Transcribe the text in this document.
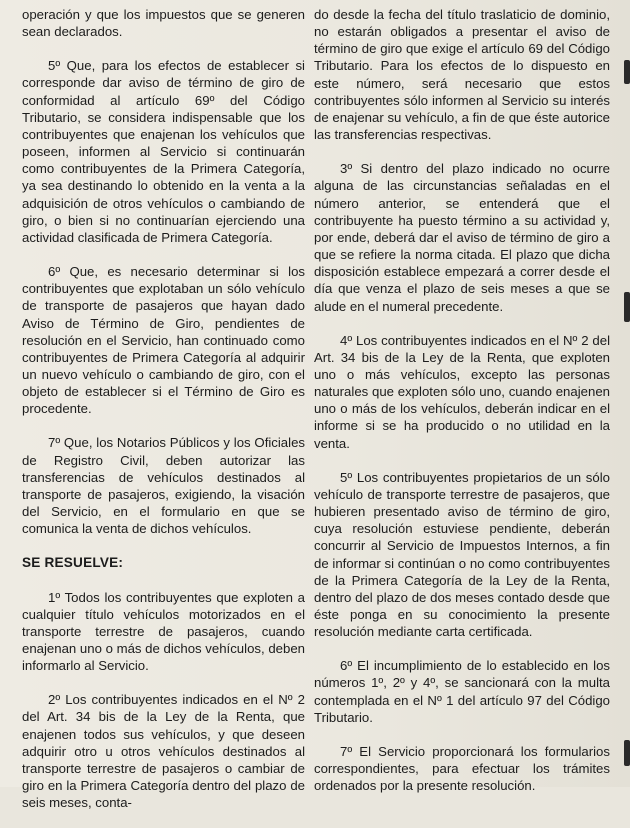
operación y que los impuestos que se generen sean declarados.

5º Que, para los efectos de establecer si corresponde dar aviso de término de giro de conformidad al artículo 69º del Código Tributario, se considera indispensable que los contribuyentes que enajenan los vehículos que poseen, informen al Servicio si continuarán como contribuyentes de la Primera Categoría, ya sea destinando lo obtenido en la venta a la adquisición de otros vehículos o cambiando de giro, o bien si no continuarían ejerciendo una actividad clasificada de Primera Categoría.

6º Que, es necesario determinar si los contribuyentes que explotaban un sólo vehículo de transporte de pasajeros que hayan dado Aviso de Término de Giro, pendientes de resolución en el Servicio, han continuado como contribuyentes de Primera Categoría al adquirir un nuevo vehículo o cambiando de giro, con el objeto de establecer si el Término de Giro es procedente.

7º Que, los Notarios Públicos y los Oficiales de Registro Civil, deben autorizar las transferencias de vehículos destinados al transporte de pasajeros, exigiendo, la visación del Servicio, en el formulario en que se comunica la venta de dichos vehículos.

SE RESUELVE:

1º Todos los contribuyentes que exploten a cualquier título vehículos motorizados en el transporte terrestre de pasajeros, cuando enajenan uno o más de dichos vehículos, deben informarlo al Servicio.

2º Los contribuyentes indicados en el Nº 2 del Art. 34 bis de la Ley de la Renta, que enajenen todos sus vehículos, y que deseen adquirir otro u otros vehículos destinados al transporte terrestre de pasajeros o cambiar de giro en la Primera Categoría dentro del plazo de seis meses, conta-

do desde la fecha del título traslaticio de dominio, no estarán obligados a presentar el aviso de término de giro que exige el artículo 69 del Código Tributario. Para los efectos de lo dispuesto en este número, será necesario que estos contribuyentes sólo informen al Servicio su interés de enajenar su vehículo, a fin de que éste autorice las transferencias respectivas.

3º Si dentro del plazo indicado no ocurre alguna de las circunstancias señaladas en el número anterior, se entenderá que el contribuyente ha puesto término a su actividad y, por ende, deberá dar el aviso de término de giro a que se refiere la norma citada. El plazo que dicha disposición establece empezará a correr desde el día que venza el plazo de seis meses a que se alude en el numeral precedente.

4º Los contribuyentes indicados en el Nº 2 del Art. 34 bis de la Ley de la Renta, que exploten uno o más vehículos, excepto las personas naturales que exploten sólo uno, cuando enajenen uno o más de los vehículos, deberán indicar en el informe si se ha producido o no utilidad en la venta.

5º Los contribuyentes propietarios de un sólo vehículo de transporte terrestre de pasajeros, que hubieren presentado aviso de término de giro, cuya resolución estuviese pendiente, deberán concurrir al Servicio de Impuestos Internos, a fin de informar si continúan o no como contribuyentes de la Primera Categoría de la Ley de la Renta, dentro del plazo de dos meses contado desde que éste ponga en su conocimiento la presente resolución mediante carta certificada.

6º El incumplimiento de lo establecido en los números 1º, 2º y 4º, se sancionará con la multa contemplada en el Nº 1 del artículo 97 del Código Tributario.

7º El Servicio proporcionará los formularios correspondientes, para efectuar los trámites ordenados por la presente resolución.
